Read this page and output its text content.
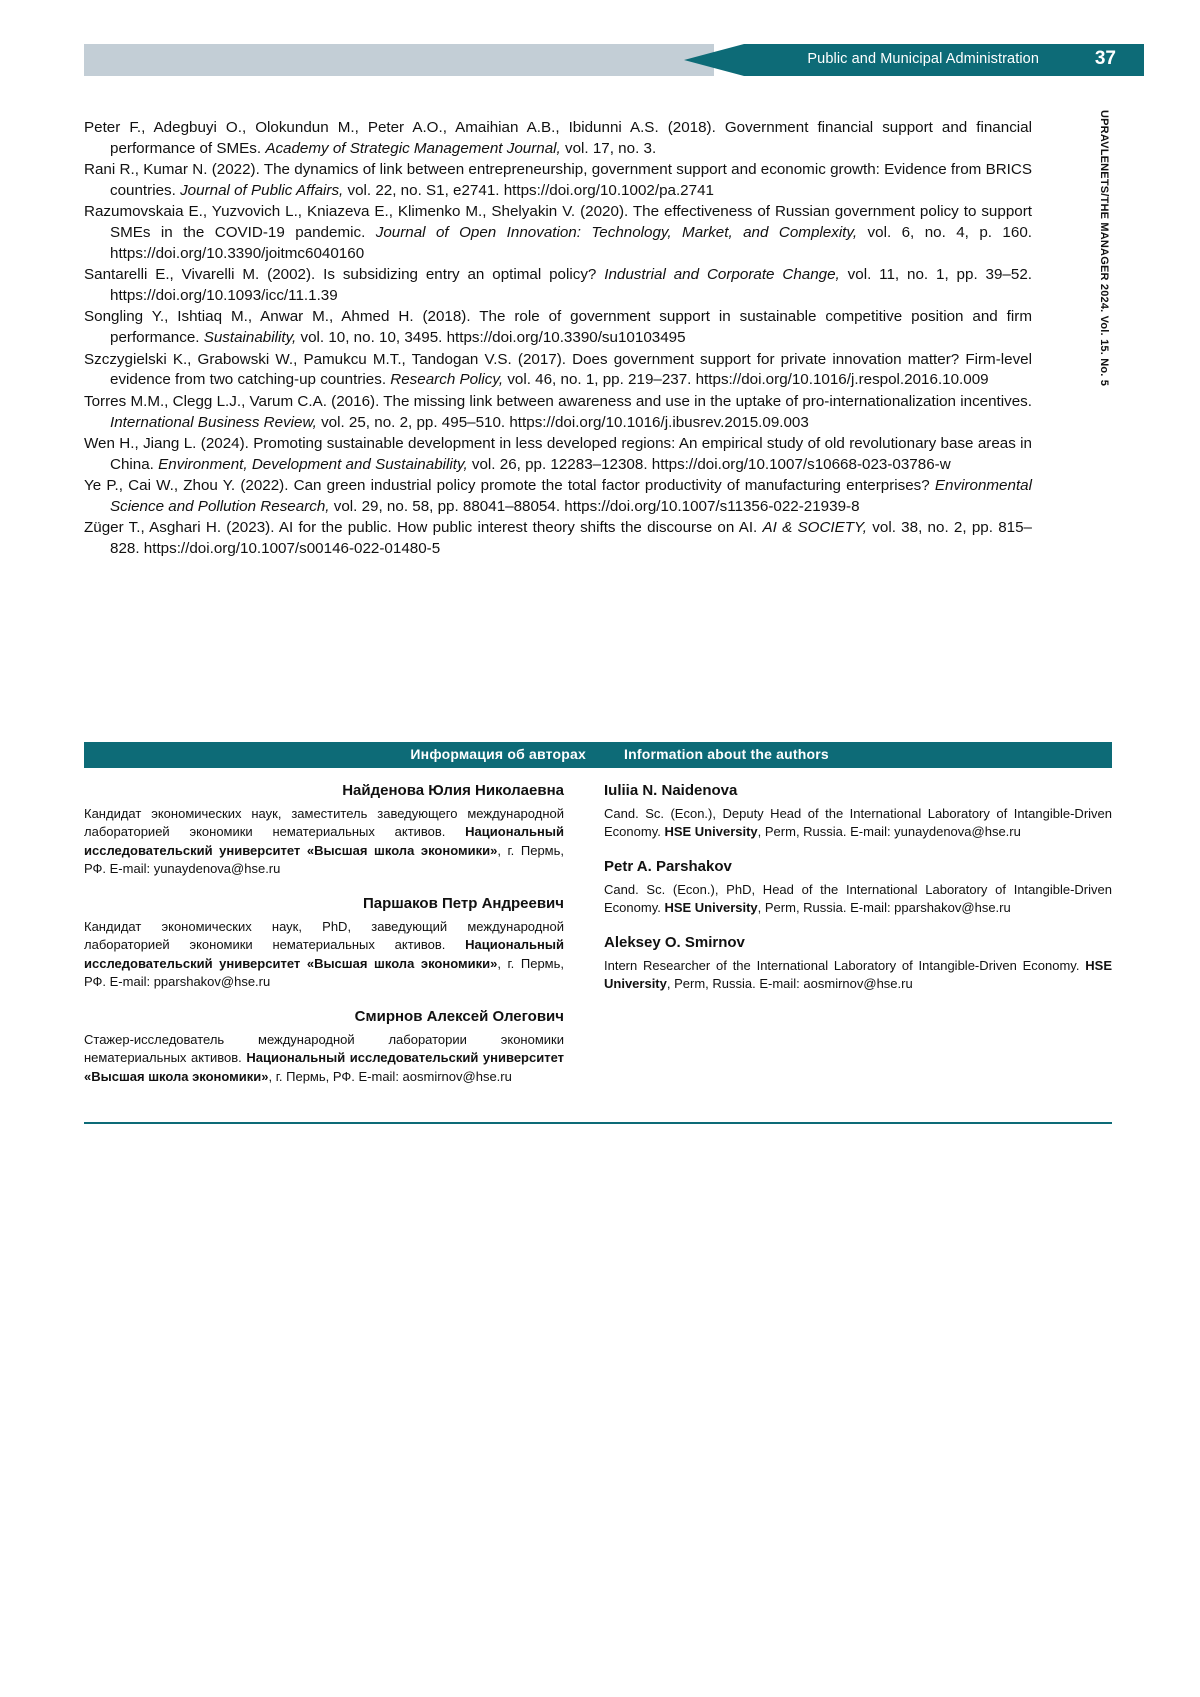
Public and Municipal Administration	37
UPRAVLENETS/THE MANAGER 2024. Vol. 15. No. 5
Peter F., Adegbuyi O., Olokundun M., Peter A.O., Amaihian A.B., Ibidunni A.S. (2018). Government financial support and financial performance of SMEs. Academy of Strategic Management Journal, vol. 17, no. 3.
Rani R., Kumar N. (2022). The dynamics of link between entrepreneurship, government support and economic growth: Evidence from BRICS countries. Journal of Public Affairs, vol. 22, no. S1, e2741. https://doi.org/10.1002/pa.2741
Razumovskaia E., Yuzvovich L., Kniazeva E., Klimenko M., Shelyakin V. (2020). The effectiveness of Russian government policy to support SMEs in the COVID-19 pandemic. Journal of Open Innovation: Technology, Market, and Complexity, vol. 6, no. 4, p. 160. https://doi.org/10.3390/joitmc6040160
Santarelli E., Vivarelli M. (2002). Is subsidizing entry an optimal policy? Industrial and Corporate Change, vol. 11, no. 1, pp. 39–52. https://doi.org/10.1093/icc/11.1.39
Songling Y., Ishtiaq M., Anwar M., Ahmed H. (2018). The role of government support in sustainable competitive position and firm performance. Sustainability, vol. 10, no. 10, 3495. https://doi.org/10.3390/su10103495
Szczygielski K., Grabowski W., Pamukcu M.T., Tandogan V.S. (2017). Does government support for private innovation matter? Firm-level evidence from two catching-up countries. Research Policy, vol. 46, no. 1, pp. 219–237. https://doi.org/10.1016/j.respol.2016.10.009
Torres M.M., Clegg L.J., Varum C.A. (2016). The missing link between awareness and use in the uptake of pro-internationalization incentives. International Business Review, vol. 25, no. 2, pp. 495–510. https://doi.org/10.1016/j.ibusrev.2015.09.003
Wen H., Jiang L. (2024). Promoting sustainable development in less developed regions: An empirical study of old revolutionary base areas in China. Environment, Development and Sustainability, vol. 26, pp. 12283–12308. https://doi.org/10.1007/s10668-023-03786-w
Ye P., Cai W., Zhou Y. (2022). Can green industrial policy promote the total factor productivity of manufacturing enterprises? Environmental Science and Pollution Research, vol. 29, no. 58, pp. 88041–88054. https://doi.org/10.1007/s11356-022-21939-8
Züger T., Asghari H. (2023). AI for the public. How public interest theory shifts the discourse on AI. AI & SOCIETY, vol. 38, no. 2, pp. 815–828. https://doi.org/10.1007/s00146-022-01480-5
Информация об авторах	Information about the authors
Найденова Юлия Николаевна
Кандидат экономических наук, заместитель заведующего международной лабораторией экономики нематериальных активов. Национальный исследовательский университет «Высшая школа экономики», г. Пермь, РФ. E-mail: yunaydenova@hse.ru
Паршаков Петр Андреевич
Кандидат экономических наук, PhD, заведующий международной лабораторией экономики нематериальных активов. Национальный исследовательский университет «Высшая школа экономики», г. Пермь, РФ. E-mail: pparshakov@hse.ru
Смирнов Алексей Олегович
Стажер-исследователь международной лаборатории экономики нематериальных активов. Национальный исследовательский университет «Высшая школа экономики», г. Пермь, РФ. E-mail: aosmirnov@hse.ru
Iuliia N. Naidenova
Cand. Sc. (Econ.), Deputy Head of the International Laboratory of Intangible-Driven Economy. HSE University, Perm, Russia. E-mail: yunaydenova@hse.ru
Petr A. Parshakov
Cand. Sc. (Econ.), PhD, Head of the International Laboratory of Intangible-Driven Economy. HSE University, Perm, Russia. E-mail: pparshakov@hse.ru
Aleksey O. Smirnov
Intern Researcher of the International Laboratory of Intangible-Driven Economy. HSE University, Perm, Russia. E-mail: aosmirnov@hse.ru
